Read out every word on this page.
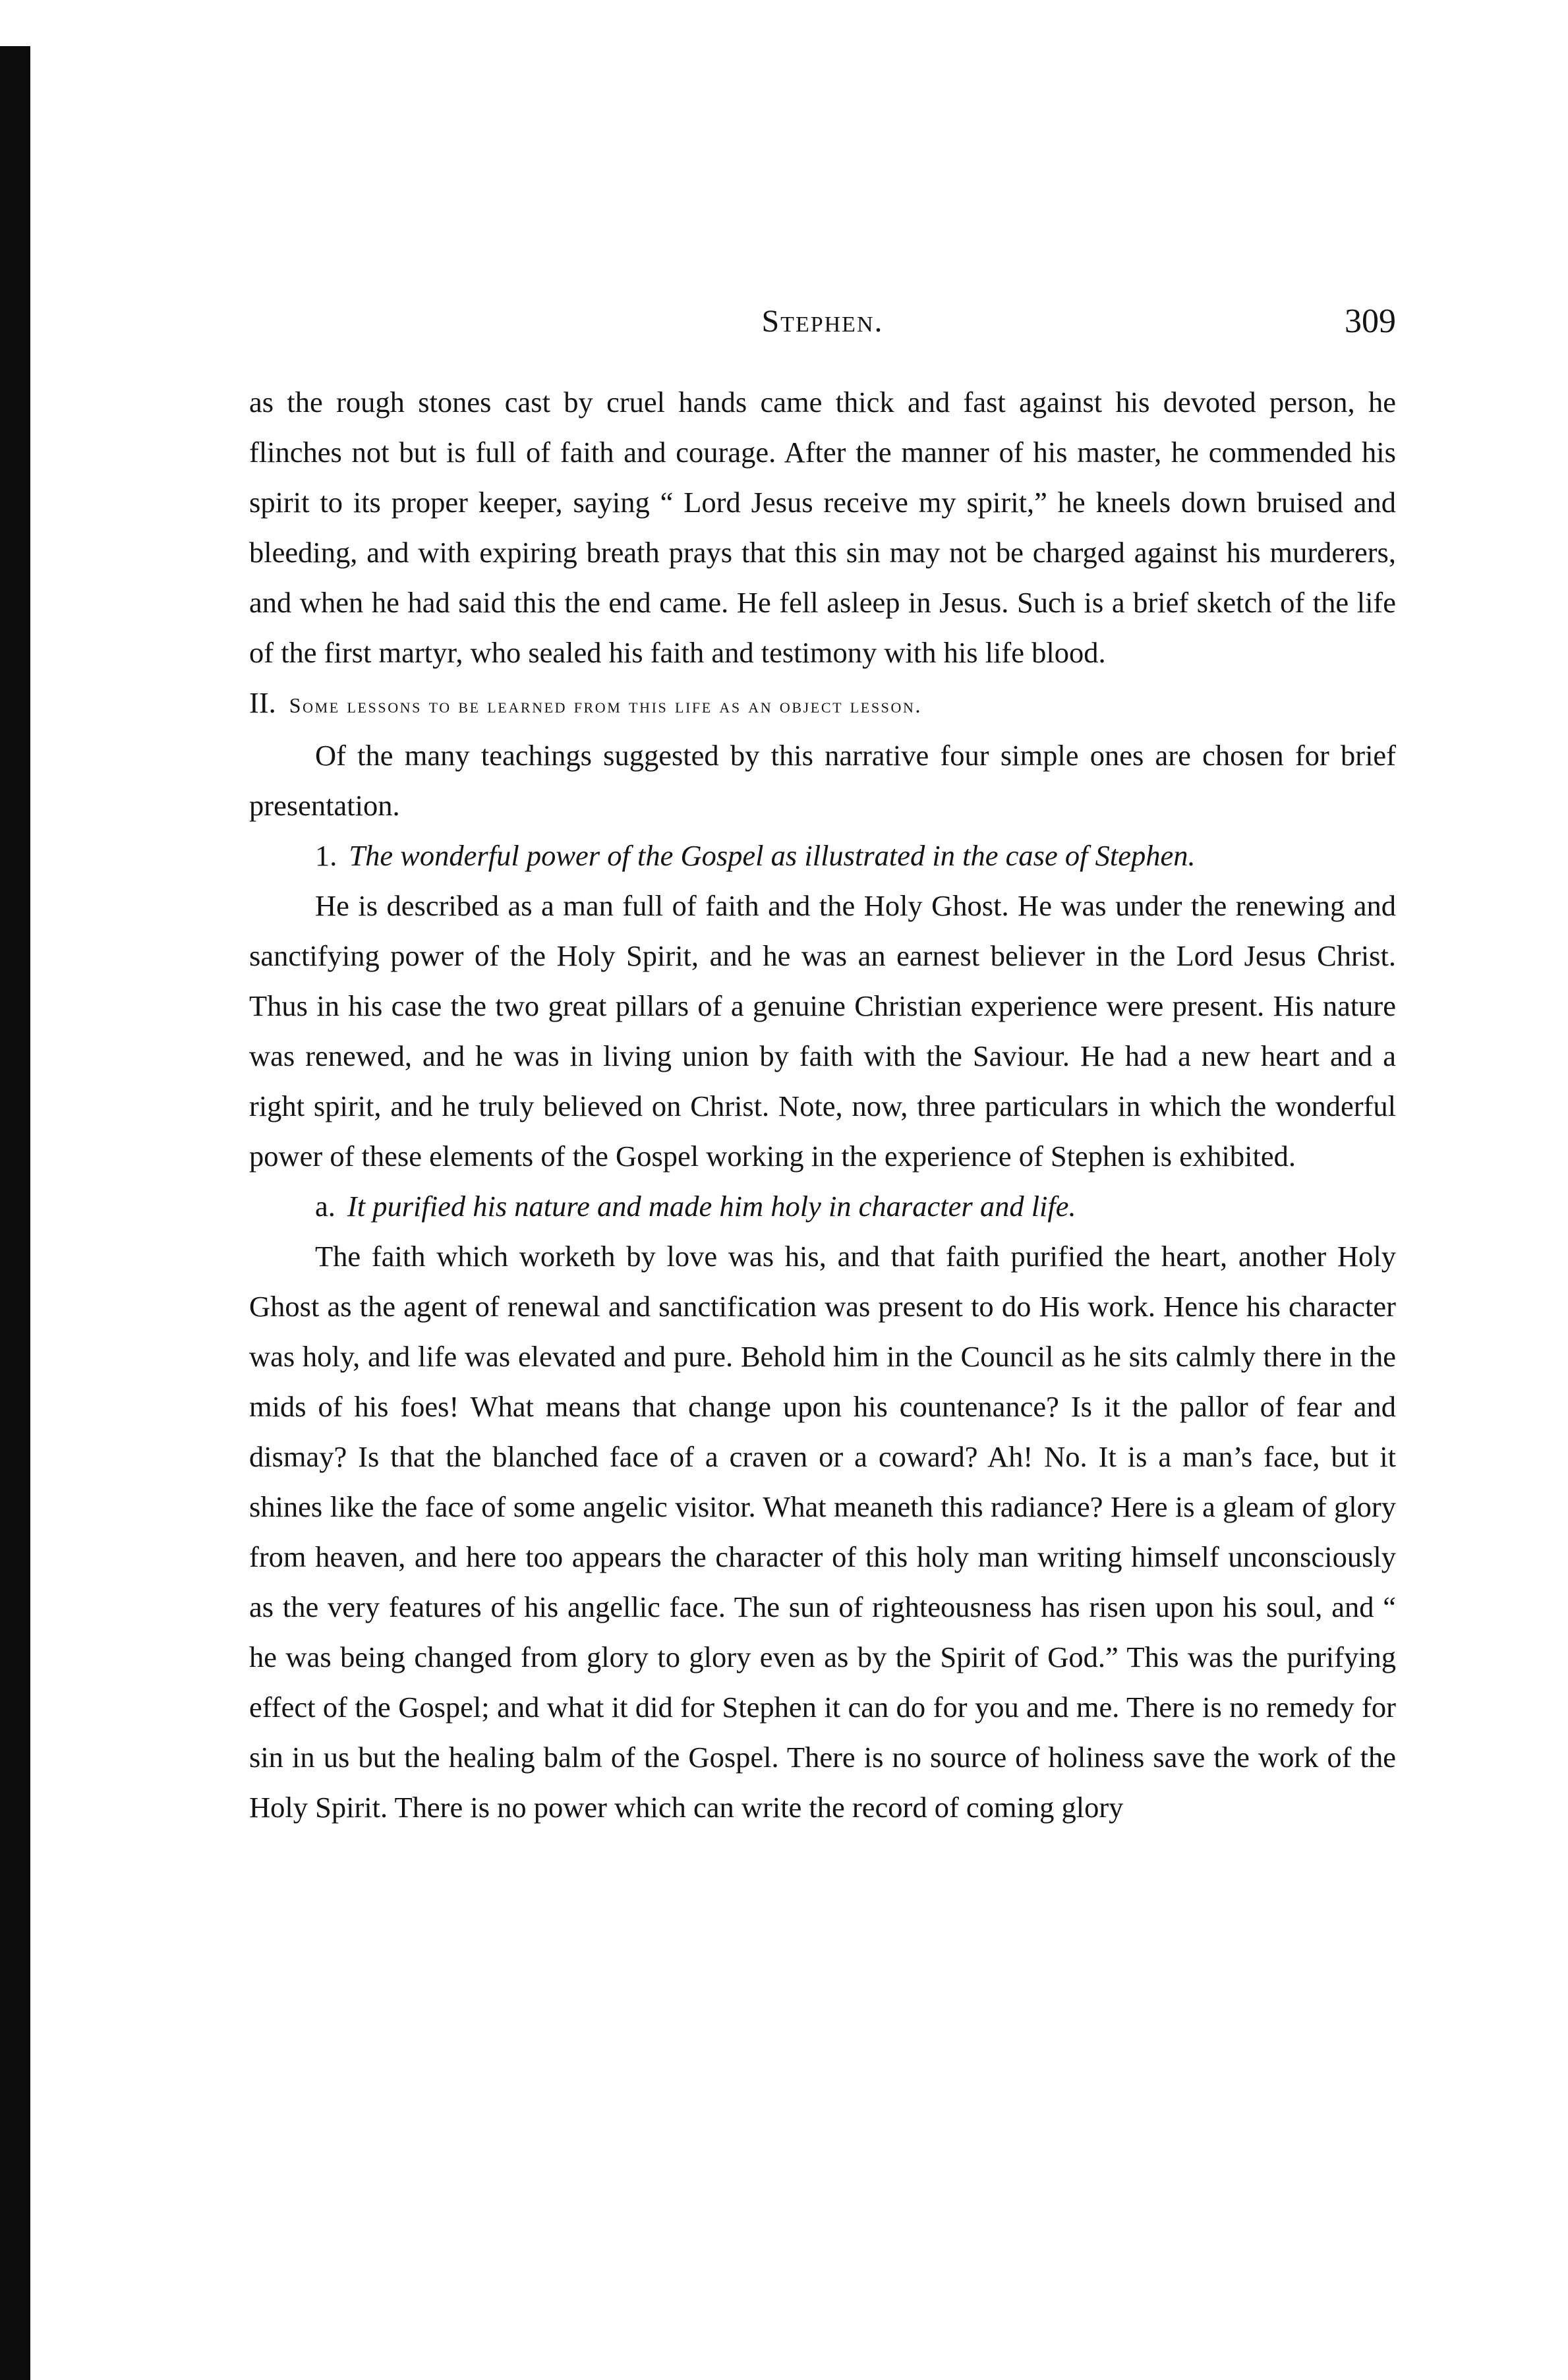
Stephen.	309

as the rough stones cast by cruel hands came thick and fast against his devoted person, he flinches not but is full of faith and courage. After the manner of his master, he commended his spirit to its proper keeper, saying “ Lord Jesus receive my spirit,” he kneels down bruised and bleeding, and with expiring breath prays that this sin may not be charged against his murderers, and when he had said this the end came. He fell asleep in Jesus. Such is a brief sketch of the life of the first martyr, who sealed his faith and testimony with his life blood.

II. Some lessons to be learned from this life as an object lesson.

Of the many teachings suggested by this narrative four simple ones are chosen for brief presentation.

1. The wonderful power of the Gospel as illustrated in the case of Stephen.

He is described as a man full of faith and the Holy Ghost. He was under the renewing and sanctifying power of the Holy Spirit, and he was an earnest believer in the Lord Jesus Christ. Thus in his case the two great pillars of a genuine Christian experience were present. His nature was renewed, and he was in living union by faith with the Saviour. He had a new heart and a right spirit, and he truly believed on Christ. Note, now, three particulars in which the wonderful power of these elements of the Gospel working in the experience of Stephen is exhibited.

a. It purified his nature and made him holy in character and life.

The faith which worketh by love was his, and that faith purified the heart, another Holy Ghost as the agent of renewal and sanctification was present to do His work. Hence his character was holy, and life was elevated and pure. Behold him in the Council as he sits calmly there in the mids of his foes! What means that change upon his countenance? Is it the pallor of fear and dismay? Is that the blanched face of a craven or a coward? Ah! No. It is a man’s face, but it shines like the face of some angelic visitor. What meaneth this radiance? Here is a gleam of glory from heaven, and here too appears the character of this holy man writing himself unconsciously as the very features of his angellic face. The sun of righteousness has risen upon his soul, and “ he was being changed from glory to glory even as by the Spirit of God.” This was the purifying effect of the Gospel; and what it did for Stephen it can do for you and me. There is no remedy for sin in us but the healing balm of the Gospel. There is no source of holiness save the work of the Holy Spirit. There is no power which can write the record of coming glory
